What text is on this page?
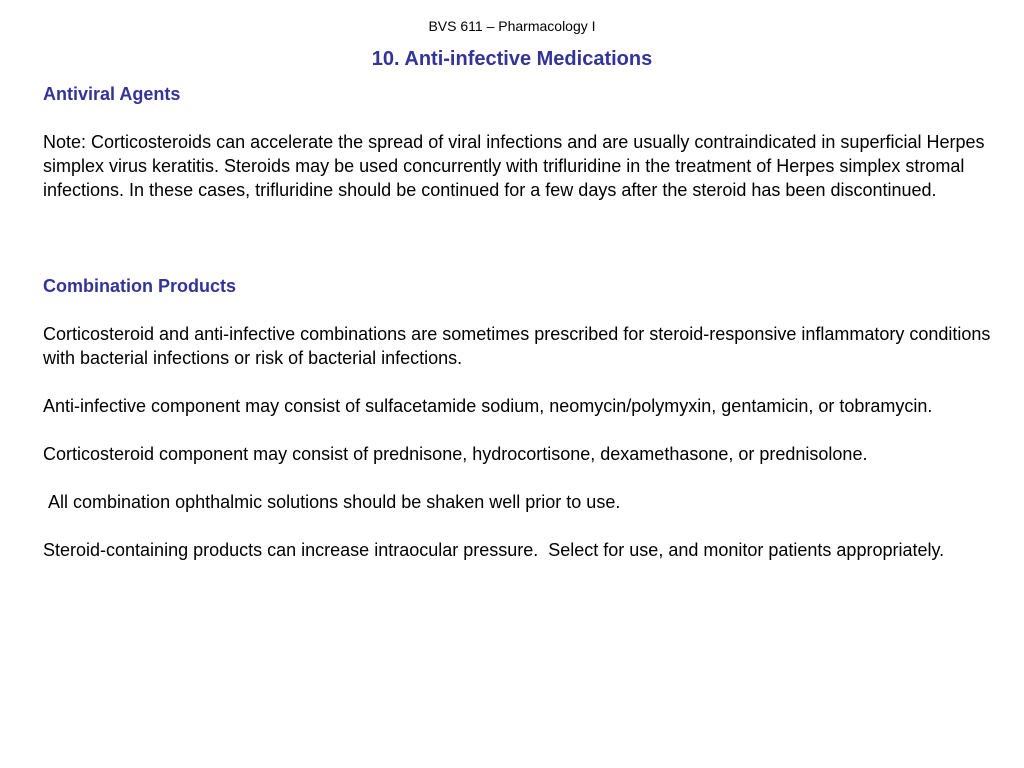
BVS 611 – Pharmacology I
10. Anti-infective Medications

Antiviral Agents

Note: Corticosteroids can accelerate the spread of viral infections and are usually contraindicated in superficial Herpes simplex virus keratitis. Steroids may be used concurrently with trifluridine in the treatment of Herpes simplex stromal infections. In these cases, trifluridine should be continued for a few days after the steroid has been discontinued.

Combination Products

Corticosteroid and anti-infective combinations are sometimes prescribed for steroid-responsive inflammatory conditions with bacterial infections or risk of bacterial infections.

Anti-infective component may consist of sulfacetamide sodium, neomycin/polymyxin, gentamicin, or tobramycin.

Corticosteroid component may consist of prednisone, hydrocortisone, dexamethasone, or prednisolone.

All combination ophthalmic solutions should be shaken well prior to use.

Steroid-containing products can increase intraocular pressure.  Select for use, and monitor patients appropriately.
